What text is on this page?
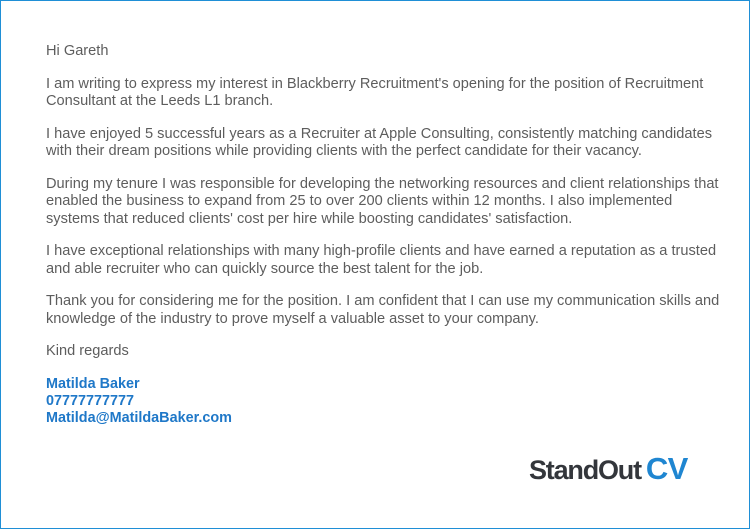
Hi Gareth

I am writing to express my interest in Blackberry Recruitment's opening for the position of Recruitment Consultant at the Leeds L1 branch.

I have enjoyed 5 successful years as a Recruiter at Apple Consulting, consistently matching candidates with their dream positions while providing clients with the perfect candidate for their vacancy.

During my tenure I was responsible for developing the networking resources and client relationships that enabled the business to expand from 25 to over 200 clients within 12 months. I also implemented systems that reduced clients' cost per hire while boosting candidates' satisfaction.

I have exceptional relationships with many high-profile clients and have earned a reputation as a trusted and able recruiter who can quickly source the best talent for the job.

Thank you for considering me for the position. I am confident that I can use my communication skills and knowledge of the industry to prove myself a valuable asset to your company.

Kind regards

Matilda Baker
07777777777
Matilda@MatildaBaker.com
StandOut CV
